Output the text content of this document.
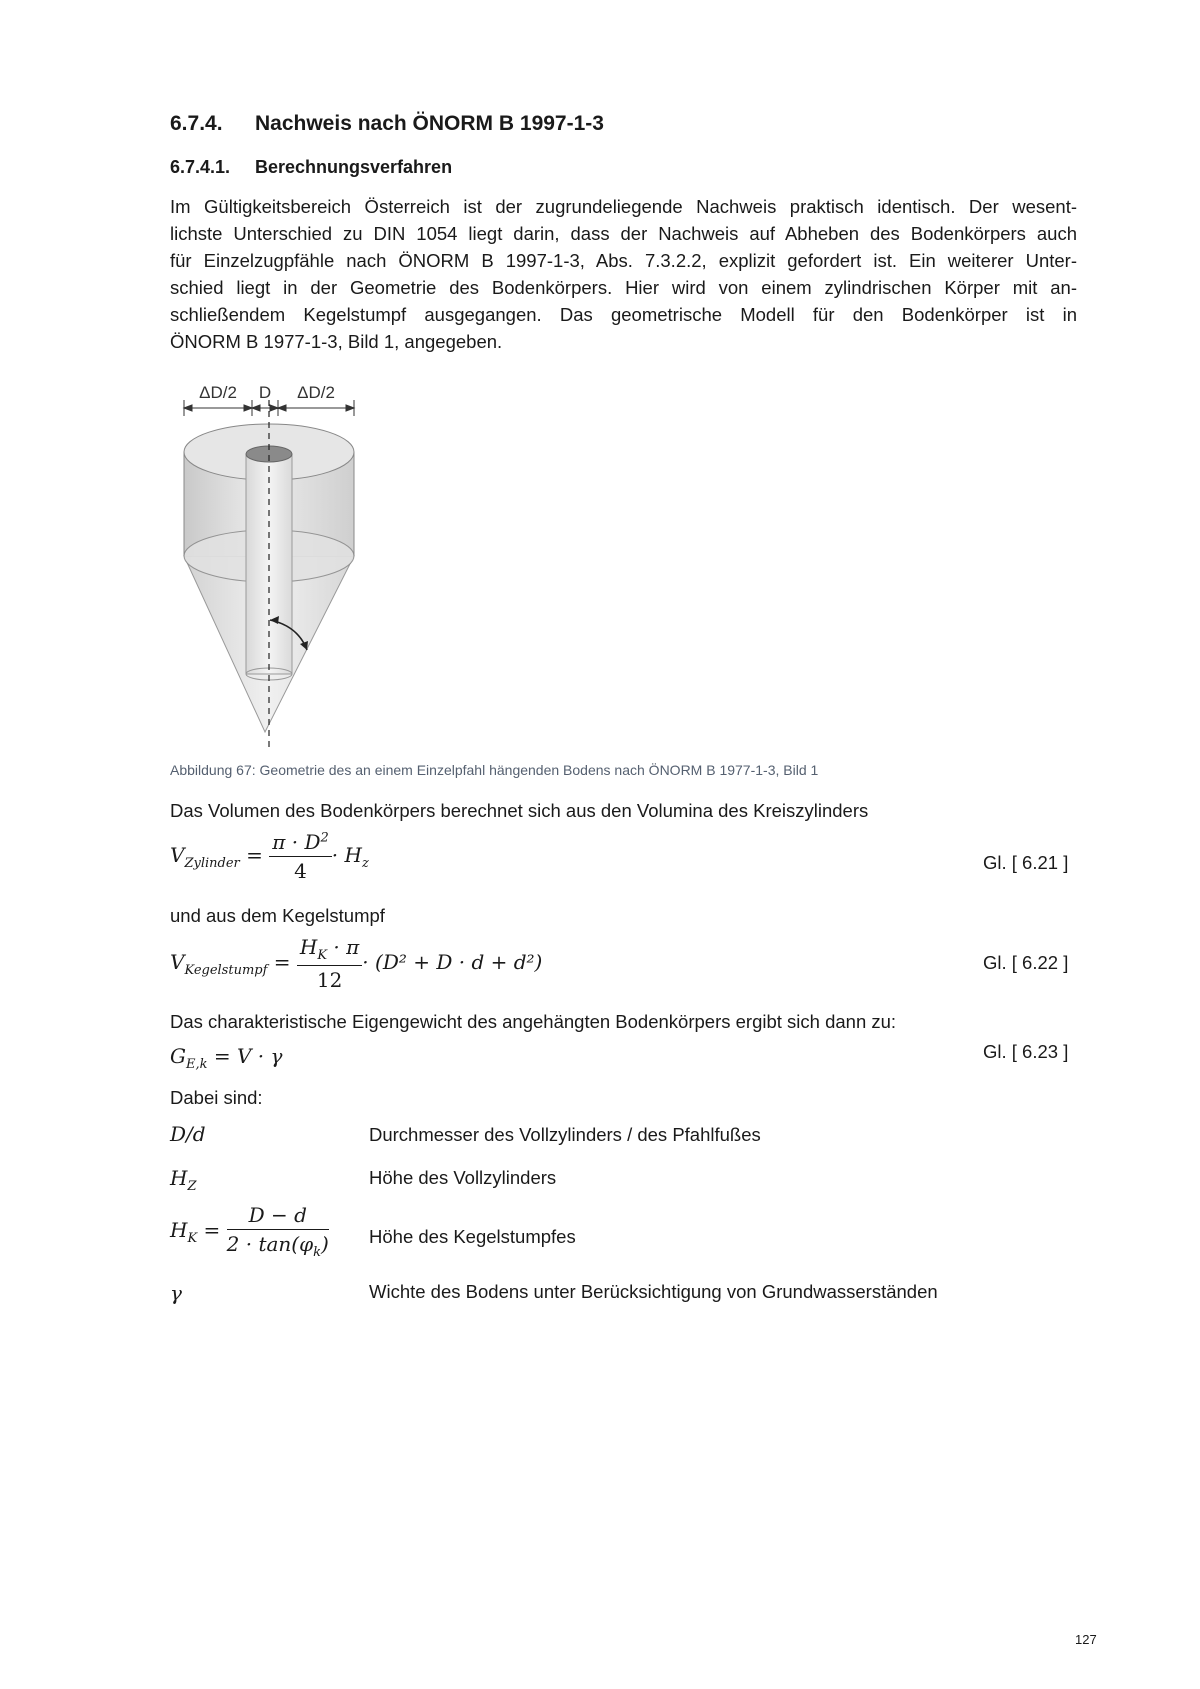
6.7.4. Nachweis nach ÖNORM B 1997-1-3
6.7.4.1. Berechnungsverfahren
Im Gültigkeitsbereich Österreich ist der zugrundeliegende Nachweis praktisch identisch. Der wesent-
lichste Unterschied zu DIN 1054 liegt darin, dass der Nachweis auf Abheben des Bodenkörpers auch
für Einzelzugpfähle nach ÖNORM B 1997-1-3, Abs. 7.3.2.2, explizit gefordert ist. Ein weiterer Unter-
schied liegt in der Geometrie des Bodenkörpers. Hier wird von einem zylindrischen Körper mit an-
schließendem Kegelstumpf ausgegangen. Das geometrische Modell für den Bodenkörper ist in
ÖNORM B 1977-1-3, Bild 1, angegeben.
ΔD/2 D ΔD/2
Abbildung 67: Geometrie des an einem Einzelpfahl hängenden Bodens nach ÖNORM B 1977-1-3, Bild 1
Das Volumen des Bodenkörpers berechnet sich aus den Volumina des Kreiszylinders
$V_{Zylinder} = \frac{\pi \cdot D^2}{4} \cdot H_z$	Gl. [ 6.21 ]
und aus dem Kegelstumpf
$V_{Kegelstumpf} = \frac{H_K \cdot \pi}{12} \cdot (D^2 + D \cdot d + d^2)$	Gl. [ 6.22 ]
Das charakteristische Eigengewicht des angehängten Bodenkörpers ergibt sich dann zu:
$G_{E,k} = V \cdot \gamma$	Gl. [ 6.23 ]
Dabei sind:
D/d	Durchmesser des Vollzylinders / des Pfahlfußes
$H_Z$	Höhe des Vollzylinders
$H_K = \frac{D - d}{2 \cdot \tan(\varphi_k)}$ Höhe des Kegelstumpfes
γ	Wichte des Bodens unter Berücksichtigung von Grundwasserständen
127
